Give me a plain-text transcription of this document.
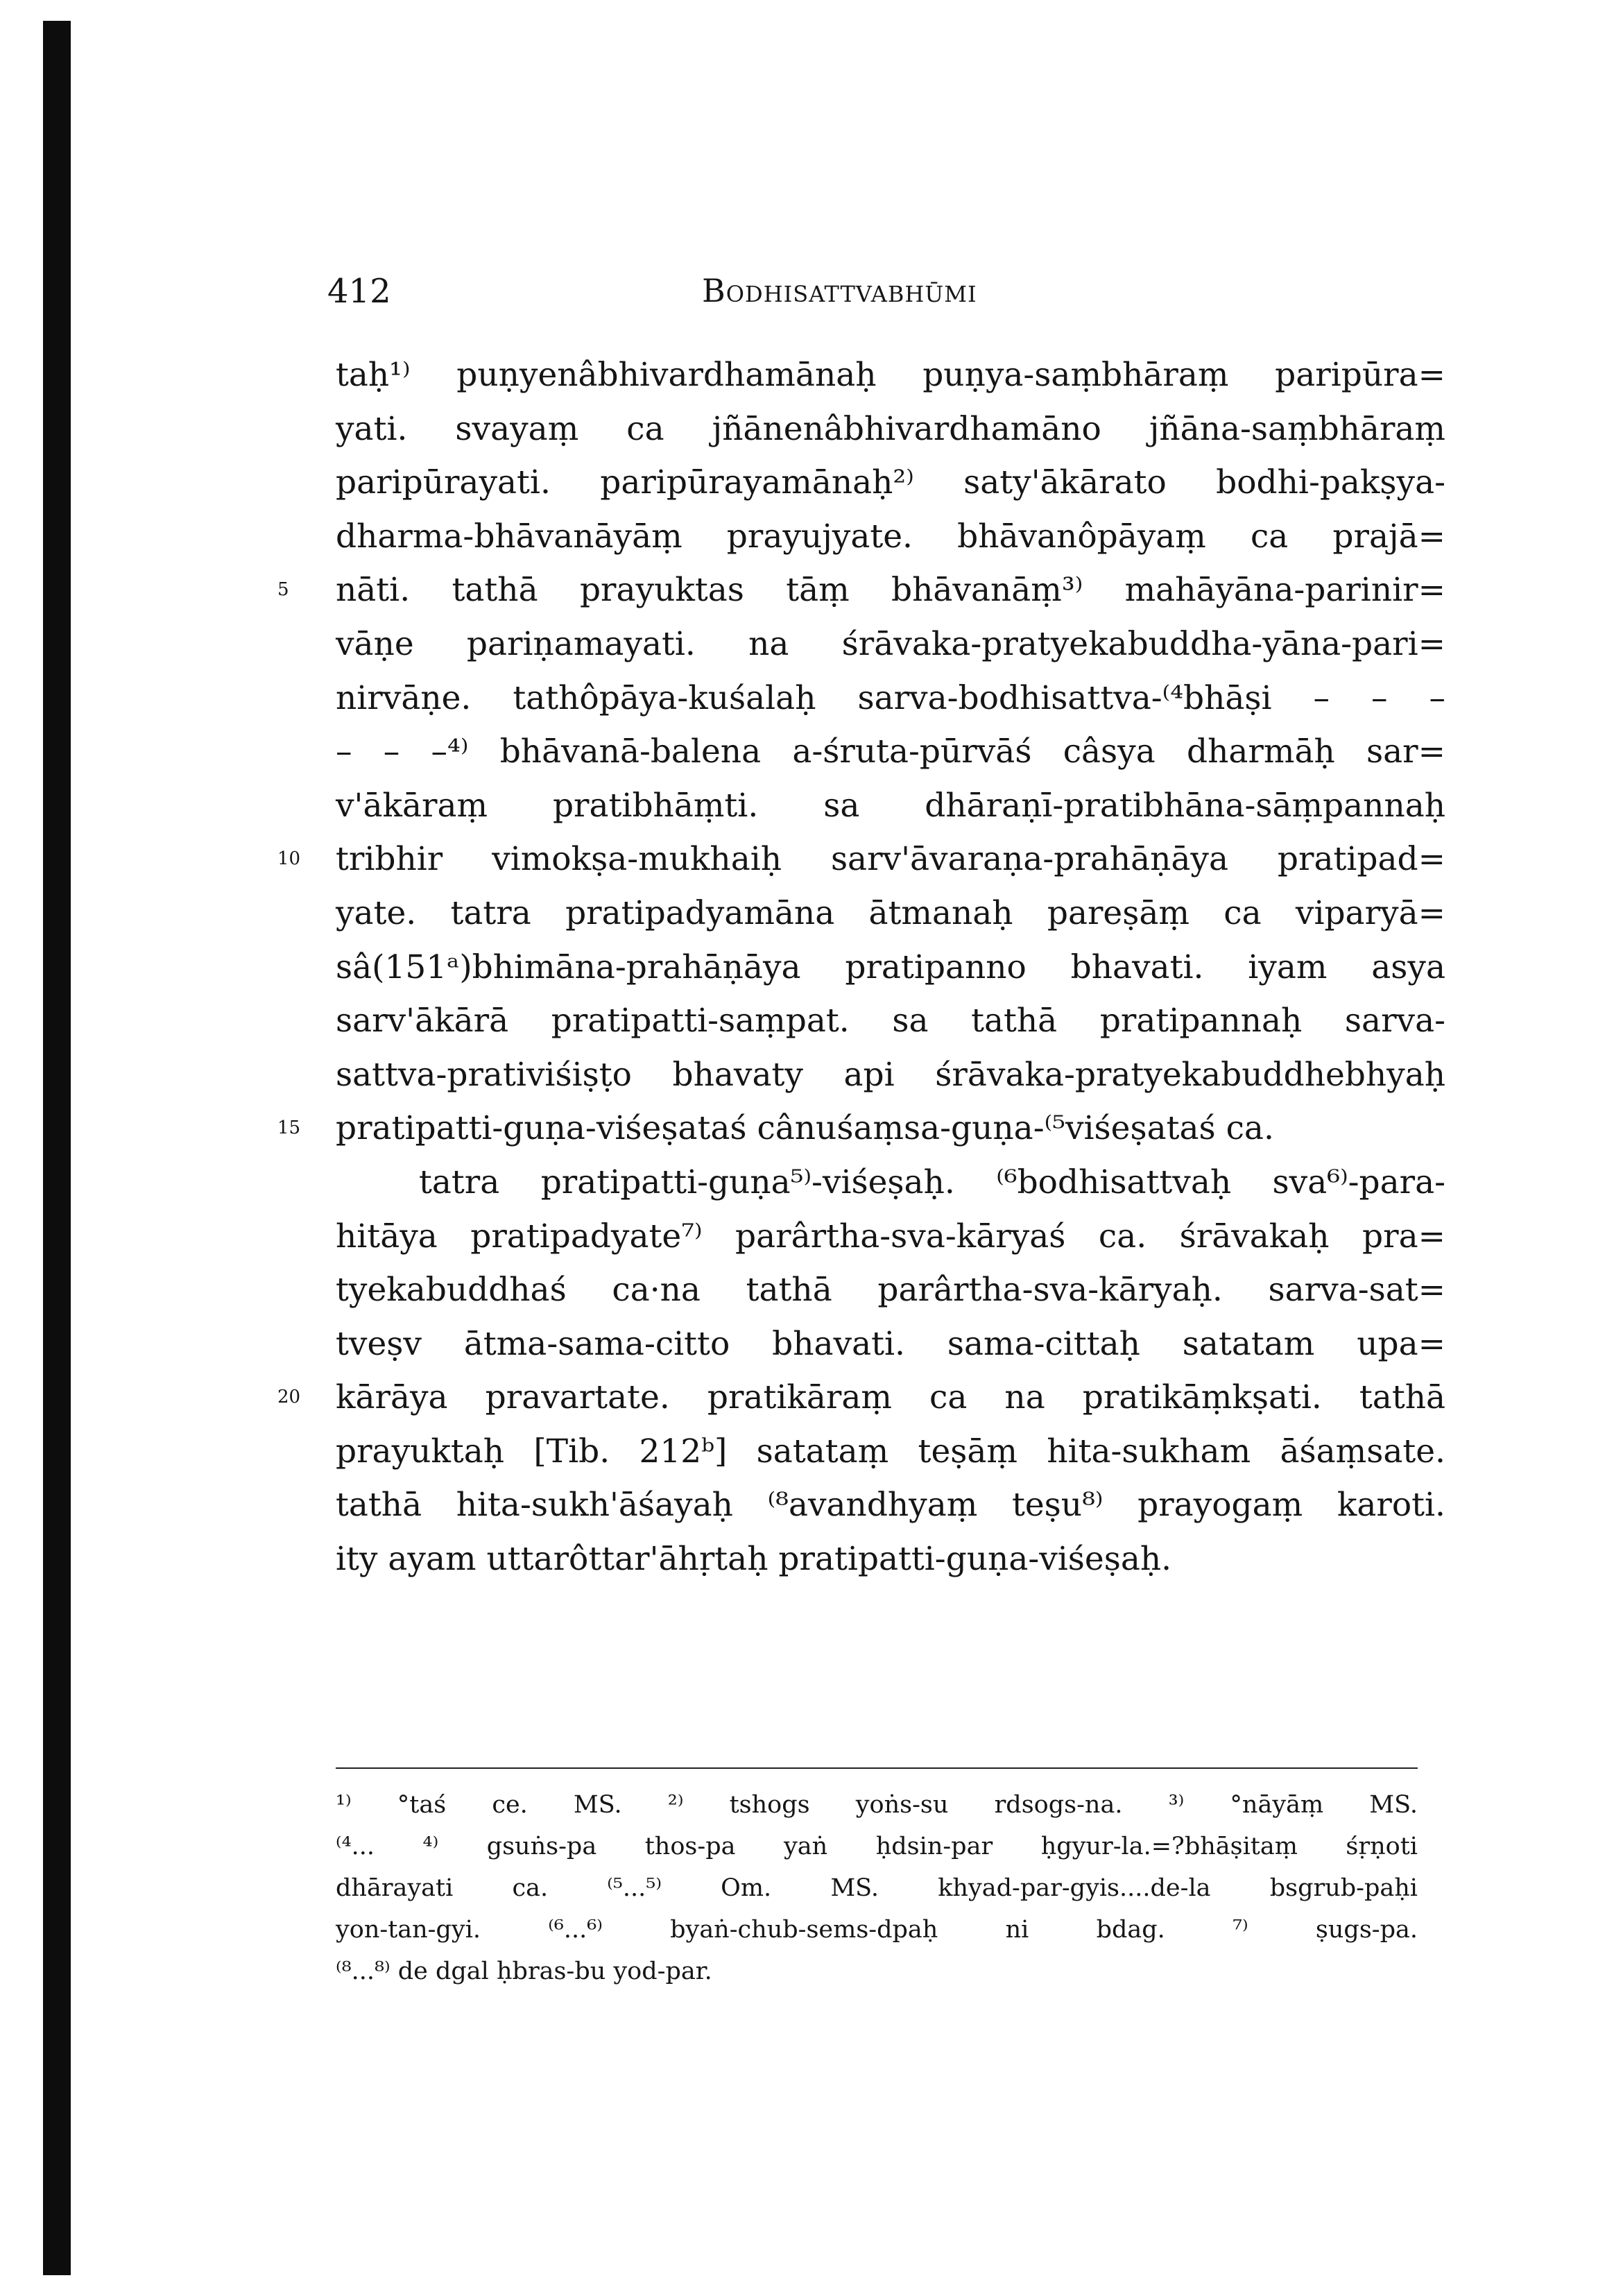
412	Bodhisattvabhūmi
5
10
15
20
taḥ¹⁾ puṇyenâbhivardhamānaḥ puṇya-saṃbhāraṃ paripūra=
yati. svayaṃ ca jñānenâbhivardhamāno jñāna-saṃbhāraṃ
paripūrayati. paripūrayamānaḥ²⁾ saty'ākārato bodhi-pakṣya-
dharma-bhāvanāyāṃ prayujyate. bhāvanôpāyaṃ ca prajā=
nāti. tathā prayuktas tāṃ bhāvanāṃ³⁾ mahāyāna-parinir=
vāṇe pariṇamayati. na śrāvaka-pratyekabuddha-yāna-pari=
nirvāṇe. tathôpāya-kuśalaḥ sarva-bodhisattva-⁽⁴bhāṣi – – –
– – –⁴⁾ bhāvanā-balena a-śruta-pūrvāś câsya dharmāḥ sar=
v'ākāraṃ pratibhāṃti. sa dhāraṇī-pratibhāna-sāṃpannaḥ
tribhir vimokṣa-mukhaiḥ sarv'āvaraṇa-prahāṇāya pratipad=
yate. tatra pratipadyamāna ātmanaḥ pareṣāṃ ca viparyā=
sâ(151ᵃ)bhimāna-prahāṇāya pratipanno bhavati. iyam asya
sarv'ākārā pratipatti-saṃpat. sa tathā pratipannaḥ sarva-
sattva-prativiśiṣṭo bhavaty api śrāvaka-pratyekabuddhebhyaḥ
pratipatti-guṇa-viśeṣataś cânuśaṃsa-guṇa-⁽⁵viśeṣataś ca.
tatra pratipatti-guṇa⁵⁾-viśeṣaḥ. ⁽⁶bodhisattvaḥ sva⁶⁾-para-
hitāya pratipadyate⁷⁾ parârtha-sva-kāryaś ca. śrāvakaḥ pra=
tyekabuddhaś ca·na tathā parârtha-sva-kāryaḥ. sarva-sat=
tveṣv ātma-sama-citto bhavati. sama-cittaḥ satatam upa=
kārāya pravartate. pratikāraṃ ca na pratikāṃkṣati. tathā
prayuktaḥ [Tib. 212ᵇ] satataṃ teṣāṃ hita-sukham āśaṃsate.
tathā hita-sukh'āśayaḥ ⁽⁸avandhyaṃ teṣu⁸⁾ prayogaṃ karoti.
ity ayam uttarôttar'āhṛtaḥ pratipatti-guṇa-viśeṣaḥ.
¹⁾ °taś ce. MS. ²⁾ tshogs yoṅs-su rdsogs-na. ³⁾ °nāyāṃ MS.
⁽⁴... ⁴⁾ gsuṅs-pa thos-pa yaṅ ḥdsin-par ḥgyur-la.=?bhāṣitaṃ śṛṇoti
dhārayati ca. ⁽⁵...⁵⁾ Om. MS. khyad-par-gyis....de-la bsgrub-paḥi
yon-tan-gyi. ⁽⁶...⁶⁾ byaṅ-chub-sems-dpaḥ ni bdag. ⁷⁾ ṣugs-pa.
⁽⁸...⁸⁾ de dgal ḥbras-bu yod-par.
